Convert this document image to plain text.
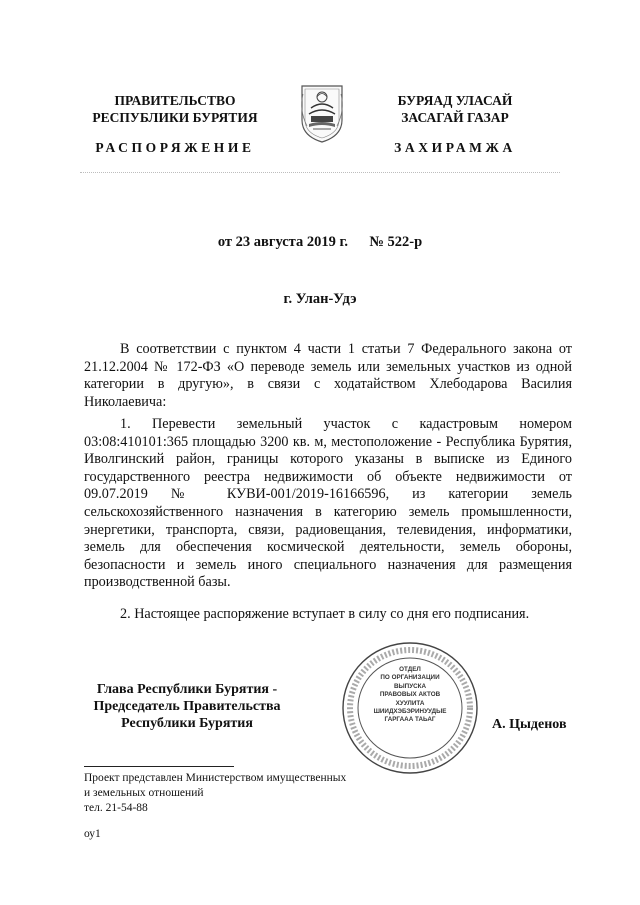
ПРАВИТЕЛЬСТВО
РЕСПУБЛИКИ БУРЯТИЯ
РАСПОРЯЖЕНИЕ
БУРЯАД УЛАСАЙ
ЗАСАГАЙ ГАЗАР
ЗАХИРАМЖА
от 23 августа 2019 г. № 522-р
г. Улан-Удэ
В соответствии с пунктом 4 части 1 статьи 7 Федерального закона от 21.12.2004 № 172-ФЗ «О переводе земель или земельных участков из одной категории в другую», в связи с ходатайством Хлебодарова Василия Николаевича:
1. Перевести земельный участок с кадастровым номером 03:08:410101:365 площадью 3200 кв. м, местоположение - Республика Бурятия, Иволгинский район, границы которого указаны в выписке из Единого государственного реестра недвижимости об объекте недвижимости от 09.07.2019 № КУВИ-001/2019-16166596, из категории земель сельскохозяйственного назначения в категорию земель промышленности, энергетики, транспорта, связи, радиовещания, телевидения, информатики, земель для обеспечения космической деятельности, земель обороны, безопасности и земель иного специального назначения для размещения производственной базы.
2. Настоящее распоряжение вступает в силу со дня его подписания.
Глава Республики Бурятия -
Председатель Правительства
Республики Бурятия
ОТДЕЛ
ПО ОРГАНИЗАЦИИ
ВЫПУСКА
ПРАВОВЫХ АКТОВ
ХУУЛИТА
ШИИДХЭБЭРИНУУДЫЕ
ГАРГААА ТАЬАГ	А. Цыденов
Проект представлен Министерством имущественных
и земельных отношений
тел. 21-54-88
оу1
